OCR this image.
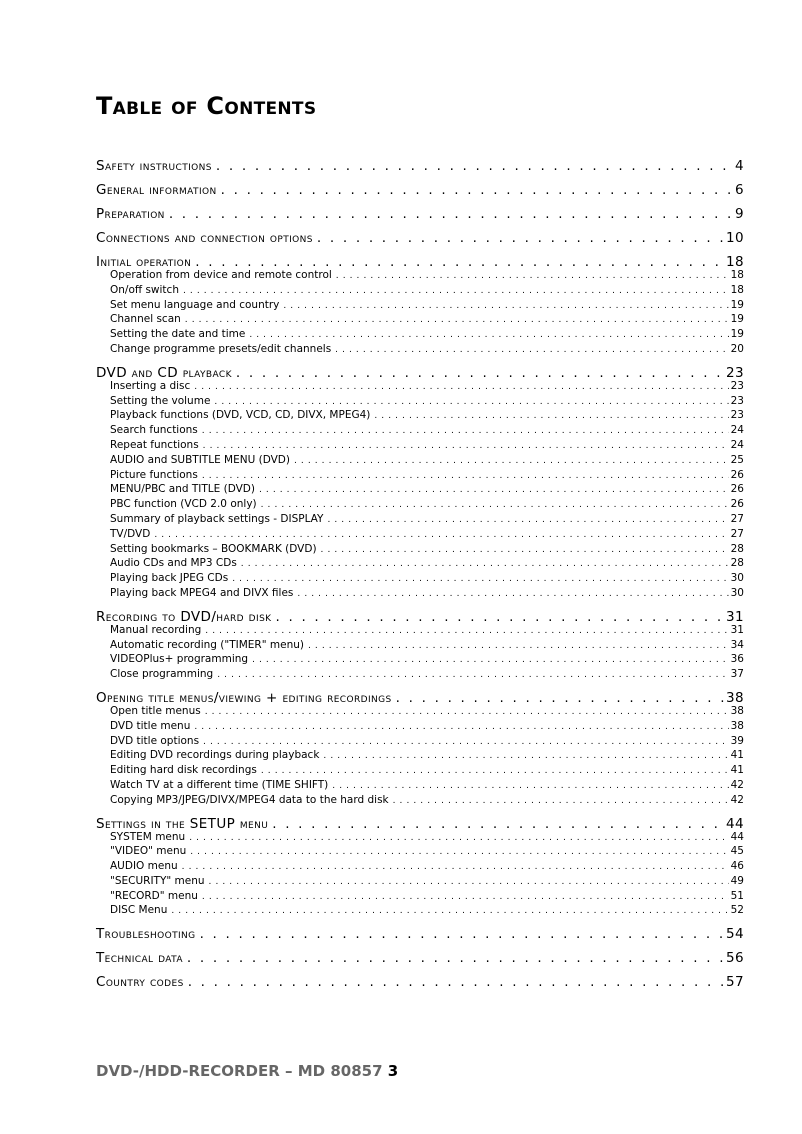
Table of Contents
Safety instructions . . .	4
General information . . .	6
Preparation . . .	9
Connections and connection options . . .	10
Initial operation . . .	18
Operation from device and remote control . . .	18
On/off switch . . .	18
Set menu language and country . . .	19
Channel scan . . .	19
Setting the date and time . . .	19
Change programme presets/edit channels . . .	20
DVD and CD playback . . .	23
Inserting a disc . . .	23
Setting the volume . . .	23
Playback functions (DVD, VCD, CD, DIVX, MPEG4) . . .	23
Search functions . . .	24
Repeat functions . . .	24
AUDIO and SUBTITLE MENU (DVD) . . .	25
Picture functions . . .	26
MENU/PBC and TITLE (DVD) . . .	26
PBC function (VCD 2.0 only) . . .	26
Summary of playback settings - DISPLAY . . .	27
TV/DVD . . .	27
Setting bookmarks – BOOKMARK (DVD) . . .	28
Audio CDs and MP3 CDs . . .	28
Playing back JPEG CDs . . .	30
Playing back MPEG4 and DIVX files . . .	30
Recording to DVD/hard disk . . .	31
Manual recording . . .	31
Automatic recording ("TIMER" menu) . . .	34
VIDEOPlus+ programming . . .	36
Close programming . . .	37
Opening title menus/viewing + editing recordings . . .	38
Open title menus . . .	38
DVD title menu . . .	38
DVD title options . . .	39
Editing DVD recordings during playback . . .	41
Editing hard disk recordings . . .	41
Watch TV at a different time (TIME SHIFT) . . .	42
Copying MP3/JPEG/DIVX/MPEG4 data to the hard disk . . .	42
Settings in the SETUP menu . . .	44
SYSTEM menu . . .	44
"VIDEO" menu . . .	45
AUDIO menu . . .	46
"SECURITY" menu . . .	49
"RECORD" menu . . .	51
DISC Menu . . .	52
Troubleshooting . . .	54
Technical data . . .	56
Country codes . . .	57
DVD-/HDD-RECORDER – MD 80857 3
